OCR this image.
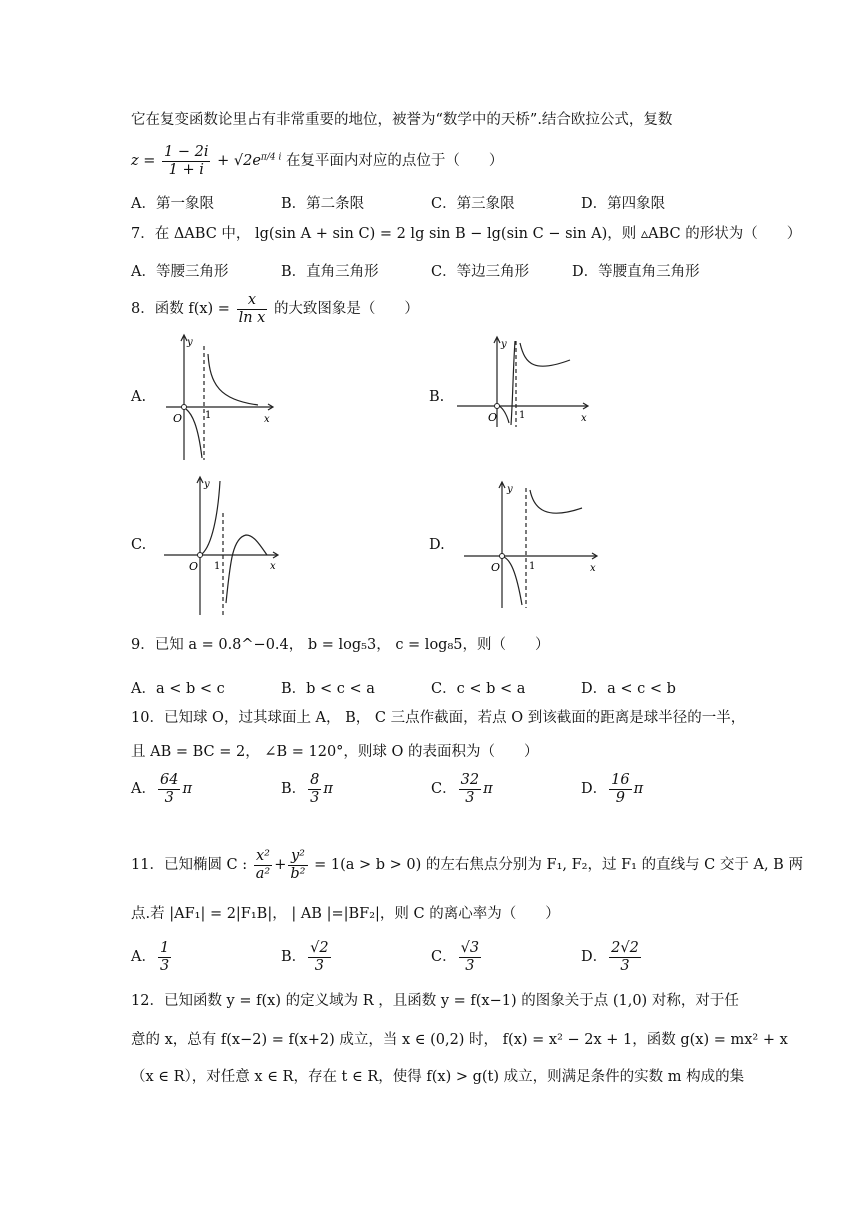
它在复变函数论里占有非常重要的地位，被誉为“数学中的天桥”.结合欧拉公式，复数
$z = \frac{1 - 2i}{1 + i} + √2e^{\pi/4 i}$ 在复平面内对应的点位于（　　）
A．第一象限	B．第二条限	C．第三象限	D．第四象限
7．在 ΔABC 中， lg(sin A + sin C) = 2 lg sin B − lg(sin C − sin A)，则 ▵ABC 的形状为（　　）
A．等腰三角形	B．直角三角形	C．等边三角形	D．等腰直角三角形
8．函数 $f(x) = \frac{x}{\text{ln x}}$ 的大致图象是（　　）
A.	B.
C.	D.
y
x
O 1
y
x
O 1
y
x
O 1
y
x
O	1
9．已知 a = 0.8^−0.4， b = log₅3， c = log₈5，则（　　）
A．a < b < c	B．b < c < a	C．c < b < a	D．a < c < b
10．已知球 O，过其球面上 A， B， C 三点作截面，若点 O 到该截面的距离是球半径的一半，
且 AB = BC = 2， ∠B = 120°，则球 O 的表面积为（　　）
A． $\frac{64}{3}$ π	B． $\frac{8}{3}$ π	C． $\frac{32}{3}$ π	D． $\frac{16}{9}$ π
11．已知椭圆 C : $\frac{\text{x²}}{\text{a²}} + \frac{\text{y²}}{\text{b²}} = 1(a > b > 0)$ 的左右焦点分别为 F₁, F₂，过 F₁ 的直线与 C 交于 A, B 两
点.若 |AF₁| = 2|F₁B|， | AB |=|BF₂|，则 C 的离心率为（　　）
A． $\frac{1}{3}$	B． $\frac{√2}{3}$	C． $\frac{√3}{3}$	D． $\frac{2√2}{3}$
12．已知函数 y = f(x) 的定义域为 R ，且函数 y = f(x−1) 的图象关于点 (1,0) 对称，对于任
意的 x，总有 f(x−2) = f(x+2) 成立，当 x ∈ (0,2) 时， f(x) = x² − 2x + 1，函数 g(x) = mx² + x
（x ∈ R），对任意 x ∈ R，存在 t ∈ R，使得 f(x) > g(t) 成立，则满足条件的实数 m 构成的集
